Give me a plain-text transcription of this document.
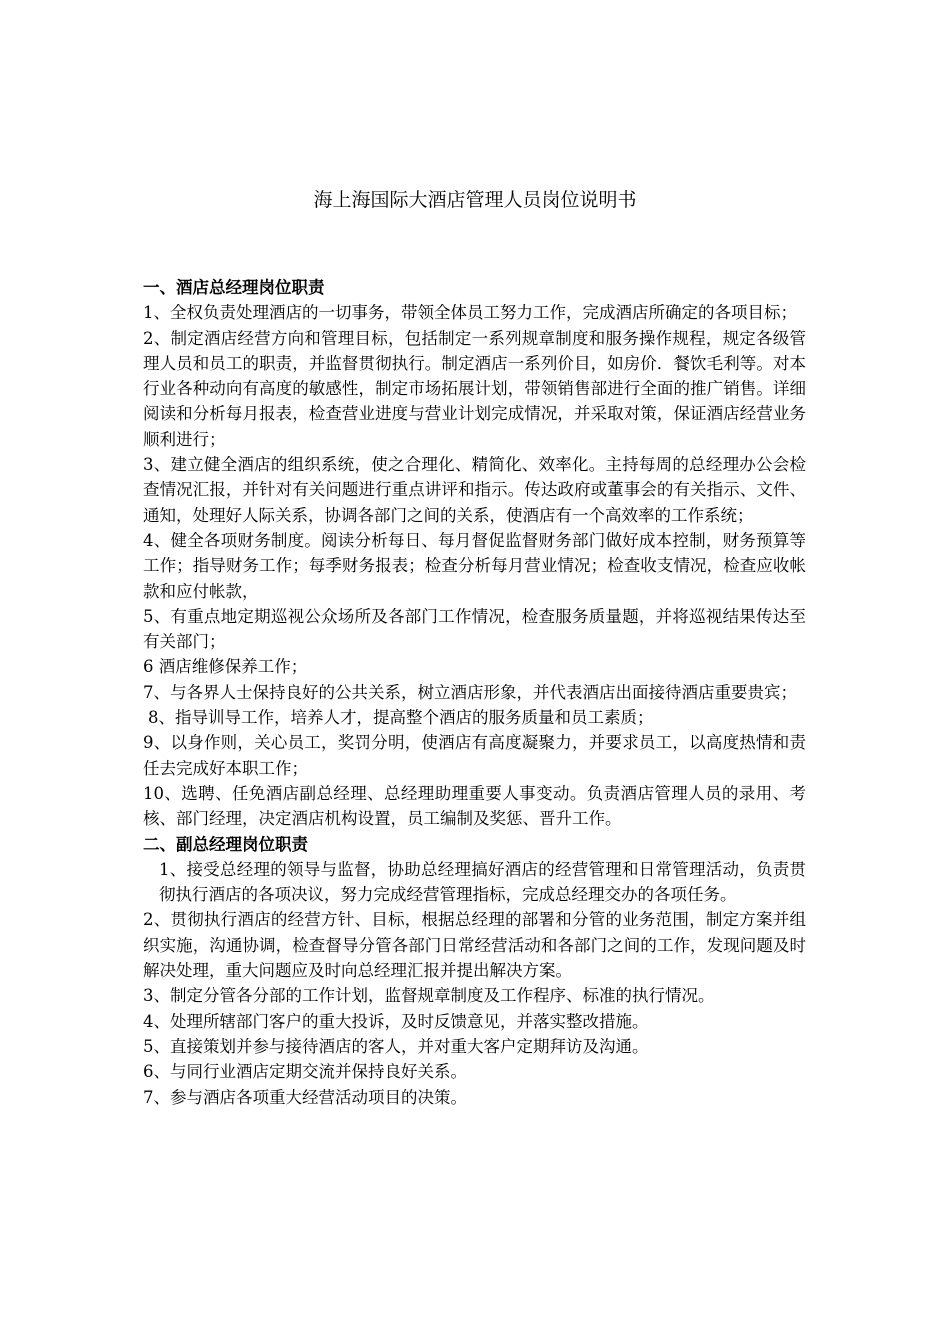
海上海国际大酒店管理人员岗位说明书

一、酒店总经理岗位职责

1、全权负责处理酒店的一切事务，带领全体员工努力工作，完成酒店所确定的各项目标；

2、制定酒店经营方向和管理目标，包括制定一系列规章制度和服务操作规程，规定各级管理人员和员工的职责，并监督贯彻执行。制定酒店一系列价目，如房价．餐饮毛利等。对本行业各种动向有高度的敏感性，制定市场拓展计划，带领销售部进行全面的推广销售。详细阅读和分析每月报表，检查营业进度与营业计划完成情况，并采取对策，保证酒店经营业务顺利进行；

3、建立健全酒店的组织系统，使之合理化、精简化、效率化。主持每周的总经理办公会检查情况汇报，并针对有关问题进行重点讲评和指示。传达政府或董事会的有关指示、文件、通知，处理好人际关系，协调各部门之间的关系，使酒店有一个高效率的工作系统；

4、健全各项财务制度。阅读分析每日、每月督促监督财务部门做好成本控制，财务预算等工作；指导财务工作；每季财务报表；检查分析每月营业情况；检查收支情况，检查应收帐款和应付帐款，

5、有重点地定期巡视公众场所及各部门工作情况，检查服务质量题，并将巡视结果传达至有关部门；

6 酒店维修保养工作；

7、与各界人士保持良好的公共关系，树立酒店形象，并代表酒店出面接待酒店重要贵宾；

8、指导训导工作，培养人才，提高整个酒店的服务质量和员工素质；

9、以身作则，关心员工，奖罚分明，使酒店有高度凝聚力，并要求员工，以高度热情和责任去完成好本职工作；

10、选聘、任免酒店副总经理、总经理助理重要人事变动。负责酒店管理人员的录用、考核、部门经理，决定酒店机构设置，员工编制及奖惩、晋升工作。

二、副总经理岗位职责

1、接受总经理的领导与监督，协助总经理搞好酒店的经营管理和日常管理活动，负责贯彻执行酒店的各项决议，努力完成经营管理指标，完成总经理交办的各项任务。

2、贯彻执行酒店的经营方针、目标，根据总经理的部署和分管的业务范围，制定方案并组织实施，沟通协调，检查督导分管各部门日常经营活动和各部门之间的工作，发现问题及时解决处理，重大问题应及时向总经理汇报并提出解决方案。

3、制定分管各分部的工作计划，监督规章制度及工作程序、标准的执行情况。

4、处理所辖部门客户的重大投诉，及时反馈意见，并落实整改措施。

5、直接策划并参与接待酒店的客人，并对重大客户定期拜访及沟通。

6、与同行业酒店定期交流并保持良好关系。

7、参与酒店各项重大经营活动项目的决策。
